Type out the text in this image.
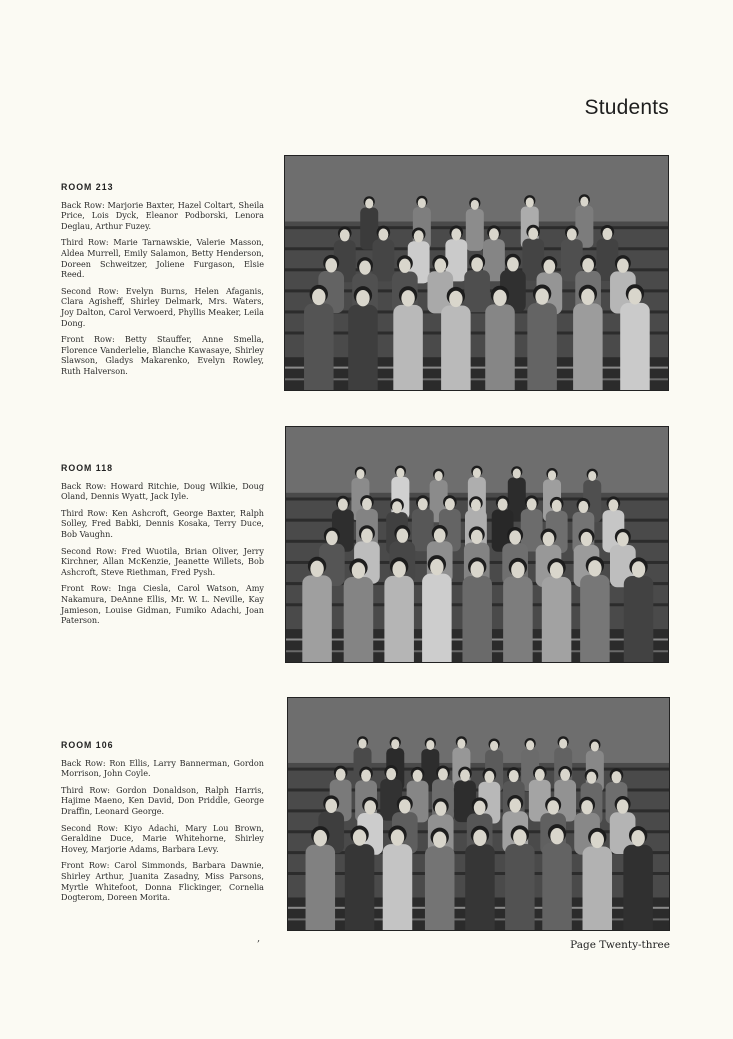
Students
ROOM 213

Back Row: Marjorie Baxter, Hazel Coltart, Sheila Price, Lois Dyck, Eleanor Podborski, Lenora Deglau, Arthur Fuzey.

Third Row: Marie Tarnawskie, Valerie Masson, Aldea Murrell, Emily Salamon, Betty Henderson, Doreen Schweitzer, Joliene Furgason, Elsie Reed.

Second Row: Evelyn Burns, Helen Afaganis, Clara Agisheff, Shirley Delmark, Mrs. Waters, Joy Dalton, Carol Verwoerd, Phyllis Meaker, Leila Dong.

Front Row: Betty Stauffer, Anne Smella, Florence Vanderlelie, Blanche Kawasaye, Shirley Slawson, Gladys Makarenko, Evelyn Rowley, Ruth Halverson.

ROOM 118

Back Row: Howard Ritchie, Doug Wilkie, Doug Oland, Dennis Wyatt, Jack Iyle.

Third Row: Ken Ashcroft, George Baxter, Ralph Solley, Fred Babki, Dennis Kosaka, Terry Duce, Bob Vaughn.

Second Row: Fred Wuotila, Brian Oliver, Jerry Kirchner, Allan McKenzie, Jeanette Willets, Bob Ashcroft, Steve Riethman, Fred Pysh.

Front Row: Inga Ciesla, Carol Watson, Amy Nakamura, DeAnne Ellis, Mr. W. L. Neville, Kay Jamieson, Louise Gidman, Fumiko Adachi, Joan Paterson.

ROOM 106

Back Row: Ron Ellis, Larry Bannerman, Gordon Morrison, John Coyle.

Third Row: Gordon Donaldson, Ralph Harris, Hajime Maeno, Ken David, Don Priddle, George Draffin, Leonard George.

Second Row: Kiyo Adachi, Mary Lou Brown, Geraldine Duce, Marie Whitehorne, Shirley Hovey, Marjorie Adams, Barbara Levy.

Front Row: Carol Simmonds, Barbara Dawnie, Shirley Arthur, Juanita Zasadny, Miss Parsons, Myrtle Whitefoot, Donna Flickinger, Cornelia Dogterom, Doreen Morita.

,
Page Twenty-three
